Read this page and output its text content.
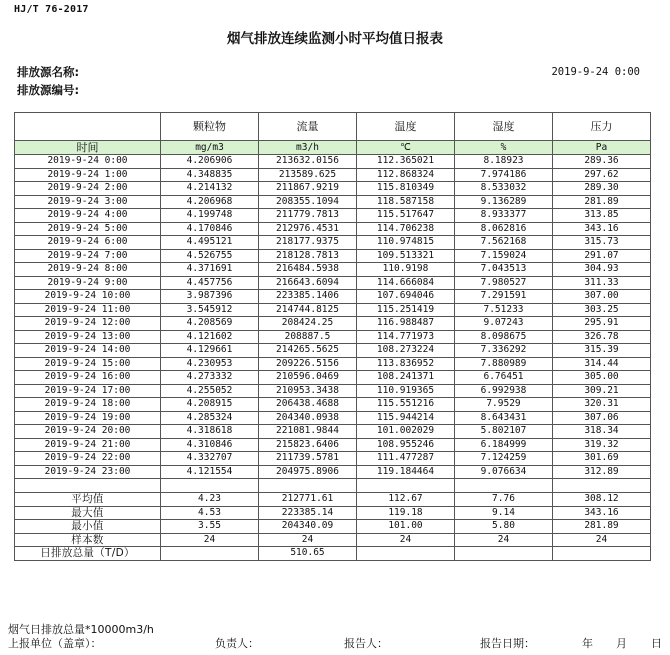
HJ/T 76-2017
烟气排放连续监测小时平均值日报表
排放源名称:
排放源编号:
2019-9-24 0:00
	颗粒物	流量	温度	湿度	压力
时间	mg/m3	m3/h	℃	%	Pa
2019-9-24 0:00	4.206906	213632.0156	112.365021	8.18923	289.36
2019-9-24 1:00	4.348835	213589.625	112.868324	7.974186	297.62
2019-9-24 2:00	4.214132	211867.9219	115.810349	8.533032	289.30
2019-9-24 3:00	4.206968	208355.1094	118.587158	9.136289	281.89
2019-9-24 4:00	4.199748	211779.7813	115.517647	8.933377	313.85
2019-9-24 5:00	4.170846	212976.4531	114.706238	8.062816	343.16
2019-9-24 6:00	4.495121	218177.9375	110.974815	7.562168	315.73
2019-9-24 7:00	4.526755	218128.7813	109.513321	7.159024	291.07
2019-9-24 8:00	4.371691	216484.5938	110.9198	7.043513	304.93
2019-9-24 9:00	4.457756	216643.6094	114.666084	7.980527	311.33
2019-9-24 10:00	3.987396	223385.1406	107.694046	7.291591	307.00
2019-9-24 11:00	3.545912	214744.8125	115.251419	7.51233	303.25
2019-9-24 12:00	4.208569	208424.25	116.988487	9.07243	295.91
2019-9-24 13:00	4.121602	208887.5	114.771973	8.098675	326.78
2019-9-24 14:00	4.129661	214265.5625	108.273224	7.336292	315.39
2019-9-24 15:00	4.230953	209226.5156	113.836952	7.880989	314.44
2019-9-24 16:00	4.273332	210596.0469	108.241371	6.76451	305.00
2019-9-24 17:00	4.255052	210953.3438	110.919365	6.992938	309.21
2019-9-24 18:00	4.208915	206438.4688	115.551216	7.9529	320.31
2019-9-24 19:00	4.285324	204340.0938	115.944214	8.643431	307.06
2019-9-24 20:00	4.318618	221081.9844	101.002029	5.802107	318.34
2019-9-24 21:00	4.310846	215823.6406	108.955246	6.184999	319.32
2019-9-24 22:00	4.332707	211739.5781	111.477287	7.124259	301.69
2019-9-24 23:00	4.121554	204975.8906	119.184464	9.076634	312.89

平均值	4.23	212771.61	112.67	7.76	308.12
最大值	4.53	223385.14	119.18	9.14	343.16
最小值	3.55	204340.09	101.00	5.80	281.89
样本数	24	24	24	24	24
日排放总量（T/D）		510.65			
烟气日排放总量*10000m3/h
上报单位（盖章）：	负责人：	报告人：	报告日期：	年 月 日
